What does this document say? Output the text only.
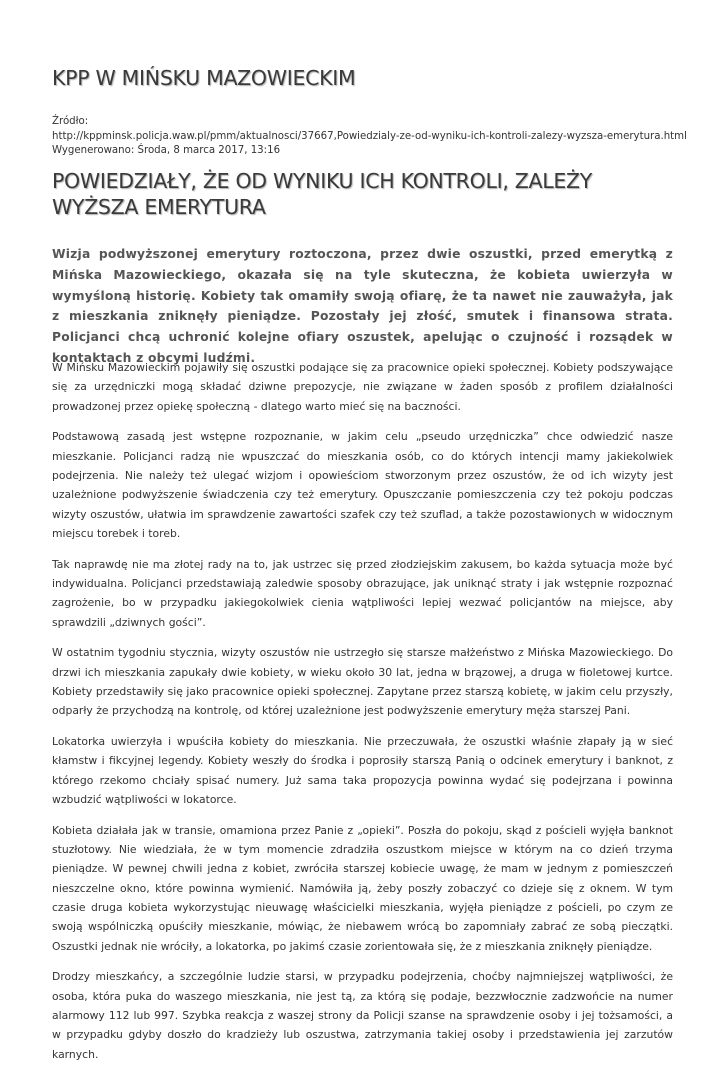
KPP W MIŃSKU MAZOWIECKIM
Źródło:
http://kppminsk.policja.waw.pl/pmm/aktualnosci/37667,Powiedzialy-ze-od-wyniku-ich-kontroli-zalezy-wyzsza-emerytura.html
Wygenerowano: Środa, 8 marca 2017, 13:16
POWIEDZIAŁY, ŻE OD WYNIKU ICH KONTROLI, ZALEŻY WYŻSZA EMERYTURA

Wizja podwyższonej emerytury roztoczona, przez dwie oszustki, przed emerytką z Mińska Mazowieckiego, okazała się na tyle skuteczna, że kobieta uwierzyła w wymyśloną historię. Kobiety tak omamiły swoją ofiarę, że ta nawet nie zauważyła, jak z mieszkania zniknęły pieniądze. Pozostały jej złość, smutek i finansowa strata. Policjanci chcą uchronić kolejne ofiary oszustek, apelując o czujność i rozsądek w kontaktach z obcymi ludźmi.

W Mińsku Mazowieckim pojawiły się oszustki podające się za pracownice opieki społecznej. Kobiety podszywające się za urzędniczki mogą składać dziwne prepozycje, nie związane w żaden sposób z profilem działalności prowadzonej przez opiekę społeczną - dlatego warto mieć się na baczności.

Podstawową zasadą jest wstępne rozpoznanie, w jakim celu „pseudo urzędniczka” chce odwiedzić nasze mieszkanie. Policjanci radzą nie wpuszczać do mieszkania osób, co do których intencji mamy jakiekolwiek podejrzenia. Nie należy też ulegać wizjom i opowieściom stworzonym przez oszustów, że od ich wizyty jest uzależnione podwyższenie świadczenia czy też emerytury. Opuszczanie pomieszczenia czy też pokoju podczas wizyty oszustów, ułatwia im sprawdzenie zawartości szafek czy też szuflad, a także pozostawionych w widocznym miejscu torebek i toreb.

Tak naprawdę nie ma złotej rady na to, jak ustrzec się przed złodziejskim zakusem, bo każda sytuacja może być indywidualna. Policjanci przedstawiają zaledwie sposoby obrazujące, jak uniknąć straty i jak wstępnie rozpoznać zagrożenie, bo w przypadku jakiegokolwiek cienia wątpliwości lepiej wezwać policjantów na miejsce, aby sprawdzili „dziwnych gości”.

W ostatnim tygodniu stycznia, wizyty oszustów nie ustrzegło się starsze małżeństwo z Mińska Mazowieckiego. Do drzwi ich mieszkania zapukały dwie kobiety, w wieku około 30 lat, jedna w brązowej, a druga w fioletowej kurtce. Kobiety przedstawiły się jako pracownice opieki społecznej. Zapytane przez starszą kobietę, w jakim celu przyszły, odparły że przychodzą na kontrolę, od której uzależnione jest podwyższenie emerytury męża starszej Pani.

Lokatorka uwierzyła i wpuściła kobiety do mieszkania. Nie przeczuwała, że oszustki właśnie złapały ją w sieć kłamstw i fikcyjnej legendy. Kobiety weszły do środka i poprosiły starszą Panią o odcinek emerytury i banknot, z którego rzekomo chciały spisać numery. Już sama taka propozycja powinna wydać się podejrzana i powinna wzbudzić wątpliwości w lokatorce.

Kobieta działała jak w transie, omamiona przez Panie z „opieki”. Poszła do pokoju, skąd z pościeli wyjęła banknot stuzłotowy. Nie wiedziała, że w tym momencie zdradziła oszustkom miejsce w którym na co dzień trzyma pieniądze. W pewnej chwili jedna z kobiet, zwróciła starszej kobiecie uwagę, że mam w jednym z pomieszczeń nieszczelne okno, które powinna wymienić. Namówiła ją, żeby poszły zobaczyć co dzieje się z oknem. W tym czasie druga kobieta wykorzystując nieuwagę właścicielki mieszkania, wyjęła pieniądze z pościeli, po czym ze swoją wspólniczką opuściły mieszkanie, mówiąc, że niebawem wrócą bo zapomniały zabrać ze sobą pieczątki. Oszustki jednak nie wróciły, a lokatorka, po jakimś czasie zorientowała się, że z mieszkania zniknęły pieniądze.

Drodzy mieszkańcy, a szczególnie ludzie starsi, w przypadku podejrzenia, choćby najmniejszej wątpliwości, że osoba, która puka do waszego mieszkania, nie jest tą, za którą się podaje, bezzwłocznie zadzwońcie na numer alarmowy 112 lub 997. Szybka reakcja z waszej strony da Policji szanse na sprawdzenie osoby i jej tożsamości, a w przypadku gdyby doszło do kradzieży lub oszustwa, zatrzymania takiej osoby i przedstawienia jej zarzutów karnych.
